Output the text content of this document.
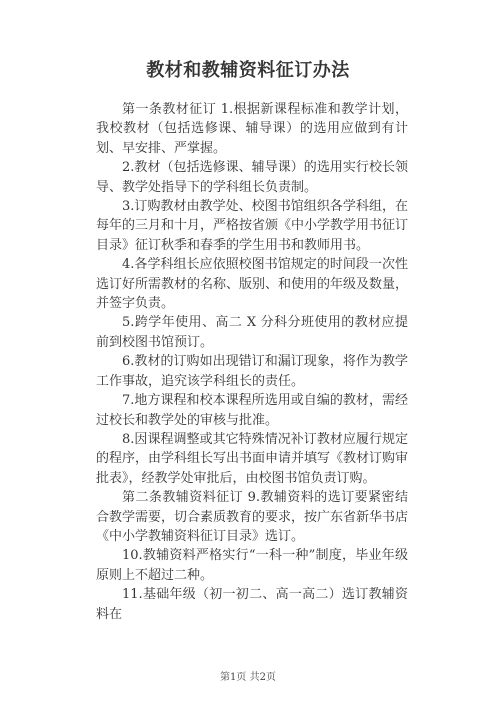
教材和教辅资料征订办法

第一条教材征订 1.根据新课程标准和教学计划，我校教材（包括选修课、辅导课）的选用应做到有计划、早安排、严掌握。

2.教材（包括选修课、辅导课）的选用实行校长领导、教学处指导下的学科组长负责制。

3.订购教材由教学处、校图书馆组织各学科组，在每年的三月和十月，严格按省颁《中小学教学用书征订目录》征订秋季和春季的学生用书和教师用书。

4.各学科组长应依照校图书馆规定的时间段一次性选订好所需教材的名称、版别、和使用的年级及数量，并签字负责。

5.跨学年使用、高二 X 分科分班使用的教材应提前到校图书馆预订。

6.教材的订购如出现错订和漏订现象，将作为教学工作事故，追究该学科组长的责任。

7.地方课程和校本课程所选用或自编的教材，需经过校长和教学处的审核与批准。

8.因课程调整或其它特殊情况补订教材应履行规定的程序，由学科组长写出书面申请并填写《教材订购审批表》，经教学处审批后，由校图书馆负责订购。

第二条教辅资料征订 9.教辅资料的选订要紧密结合教学需要，切合素质教育的要求，按广东省新华书店《中小学教辅资料征订目录》选订。

10.教辅资料严格实行“一科一种”制度，毕业年级原则上不超过二种。

11.基础年级（初一初二、高一高二）选订教辅资料在

第1页 共2页
